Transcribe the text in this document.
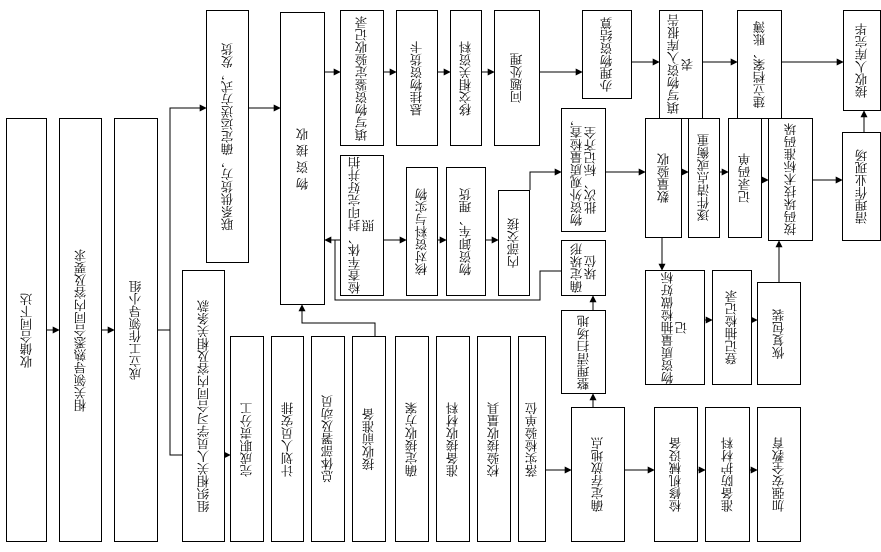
收储合同下达	相关领导熟悉合同内容及要求	成立工作领导小组
联系供货方，确定运送方式，发货	物 资 接 收
填写物资鉴定验收记录	悬挂物资货卡	移交相关资料	问题处理	办理物资结算	填写物资入库报告表	建立档案、账簿	接收人库完毕
检查车体、封印完好并拍照	核对资料与实物 物资卸车、理货	内部交接
物资外观质量检查，批次、标记齐全	数量验收 逐件清点或衡重 记录码单 按码垛技术标准码垛	清理作业现场
确定垛形垛位
物资质量抽检做好标记	登记抽检记录	恢复包装
整理清扫场地
组织相关人员学习合同内容及相关条款 完成职责分工 计划人员安排 总体部署及动员 接收前准备 确定接收方案 准备接收材料 校验接收量具 落实检验单位	确定存放地点	检修机械设备	准备防护材料	加强安全教育
